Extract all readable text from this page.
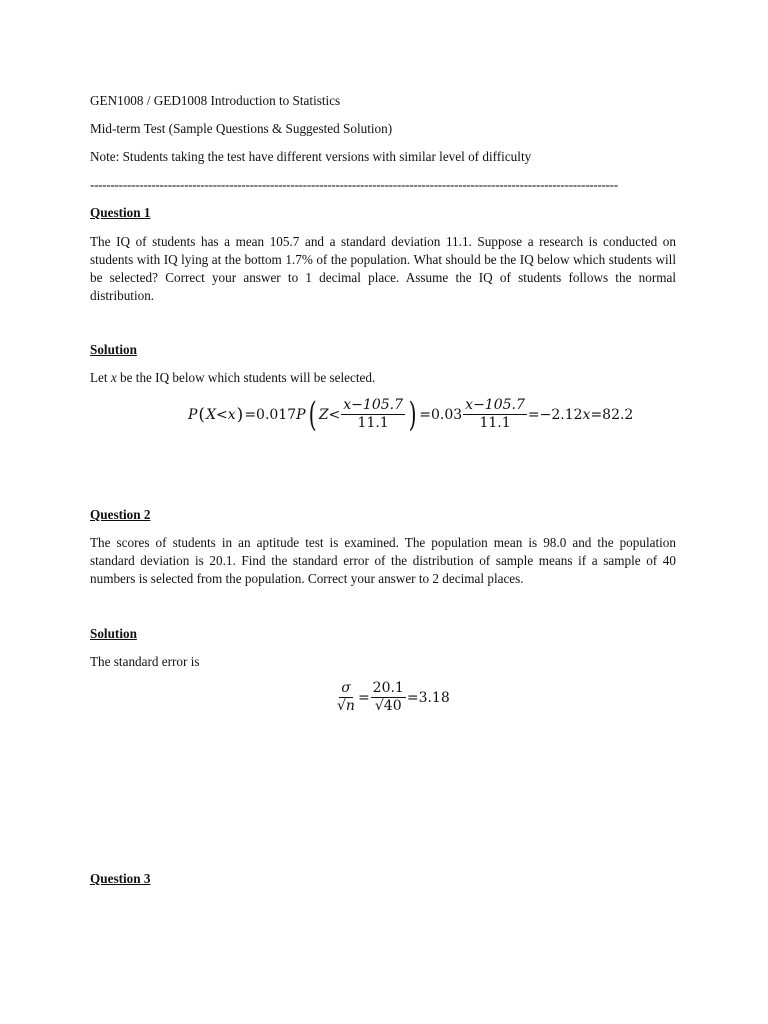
GEN1008 / GED1008 Introduction to Statistics
Mid-term Test (Sample Questions & Suggested Solution)
Note: Students taking the test have different versions with similar level of difficulty
---------------------------------------------------------------------------------------------------------------------------------
Question 1
The IQ of students has a mean 105.7 and a standard deviation 11.1. Suppose a research is conducted on students with IQ lying at the bottom 1.7% of the population. What should be the IQ below which students will be selected? Correct your answer to 1 decimal place. Assume the IQ of students follows the normal distribution.
Solution
Let x be the IQ below which students will be selected.
P ( X < x ) =0.017 P ( $Z < \frac{x-105.7}{11.1}$ ) $=0.03 \frac{x-105.7}{11.1} =-2.12$ x =82.2
Question 2
The scores of students in an aptitude test is examined. The population mean is 98.0 and the population standard deviation is 20.1. Find the standard error of the distribution of sample means if a sample of 40 numbers is selected from the population. Correct your answer to 2 decimal places.
Solution
The standard error is
$\frac{\sigma}{√n} = \frac{20.1}{√40} =3.18$
Question 3
